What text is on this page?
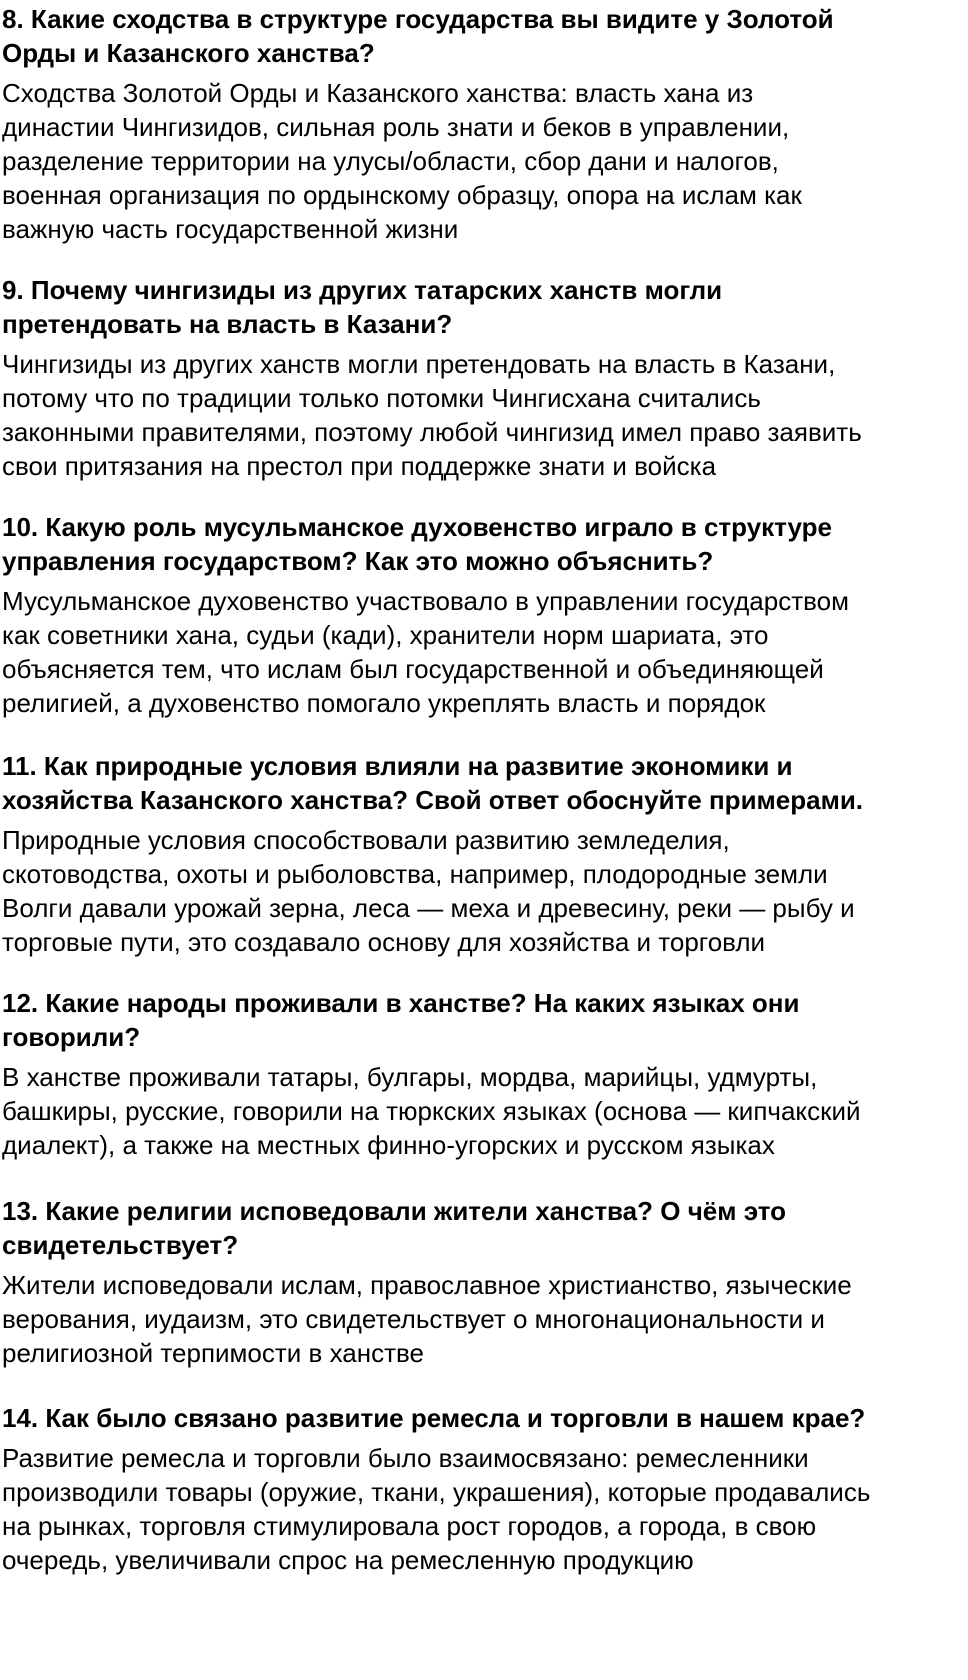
8. Какие сходства в структуре государства вы видите у Золотой
Орды и Казанского ханства?

Сходства Золотой Орды и Казанского ханства: власть хана из
династии Чингизидов, сильная роль знати и беков в управлении,
разделение территории на улусы/области, сбор дани и налогов,
военная организация по ордынскому образцу, опора на ислам как
важную часть государственной жизни

9. Почему чингизиды из других татарских ханств могли
претендовать на власть в Казани?

Чингизиды из других ханств могли претендовать на власть в Казани,
потому что по традиции только потомки Чингисхана считались
законными правителями, поэтому любой чингизид имел право заявить
свои притязания на престол при поддержке знати и войска

10. Какую роль мусульманское духовенство играло в структуре
управления государством? Как это можно объяснить?

Мусульманское духовенство участвовало в управлении государством
как советники хана, судьи (кади), хранители норм шариата, это
объясняется тем, что ислам был государственной и объединяющей
религией, а духовенство помогало укреплять власть и порядок

11. Как природные условия влияли на развитие экономики и
хозяйства Казанского ханства? Свой ответ обоснуйте примерами.

Природные условия способствовали развитию земледелия,
скотоводства, охоты и рыболовства, например, плодородные земли
Волги давали урожай зерна, леса — меха и древесину, реки — рыбу и
торговые пути, это создавало основу для хозяйства и торговли

12. Какие народы проживали в ханстве? На каких языках они
говорили?

В ханстве проживали татары, булгары, мордва, марийцы, удмурты,
башкиры, русские, говорили на тюркских языках (основа — кипчакский
диалект), а также на местных финно-угорских и русском языках

13. Какие религии исповедовали жители ханства? О чём это
свидетельствует?

Жители исповедовали ислам, православное христианство, языческие
верования, иудаизм, это свидетельствует о многонациональности и
религиозной терпимости в ханстве

14. Как было связано развитие ремесла и торговли в нашем крае?

Развитие ремесла и торговли было взаимосвязано: ремесленники
производили товары (оружие, ткани, украшения), которые продавались
на рынках, торговля стимулировала рост городов, а города, в свою
очередь, увеличивали спрос на ремесленную продукцию
